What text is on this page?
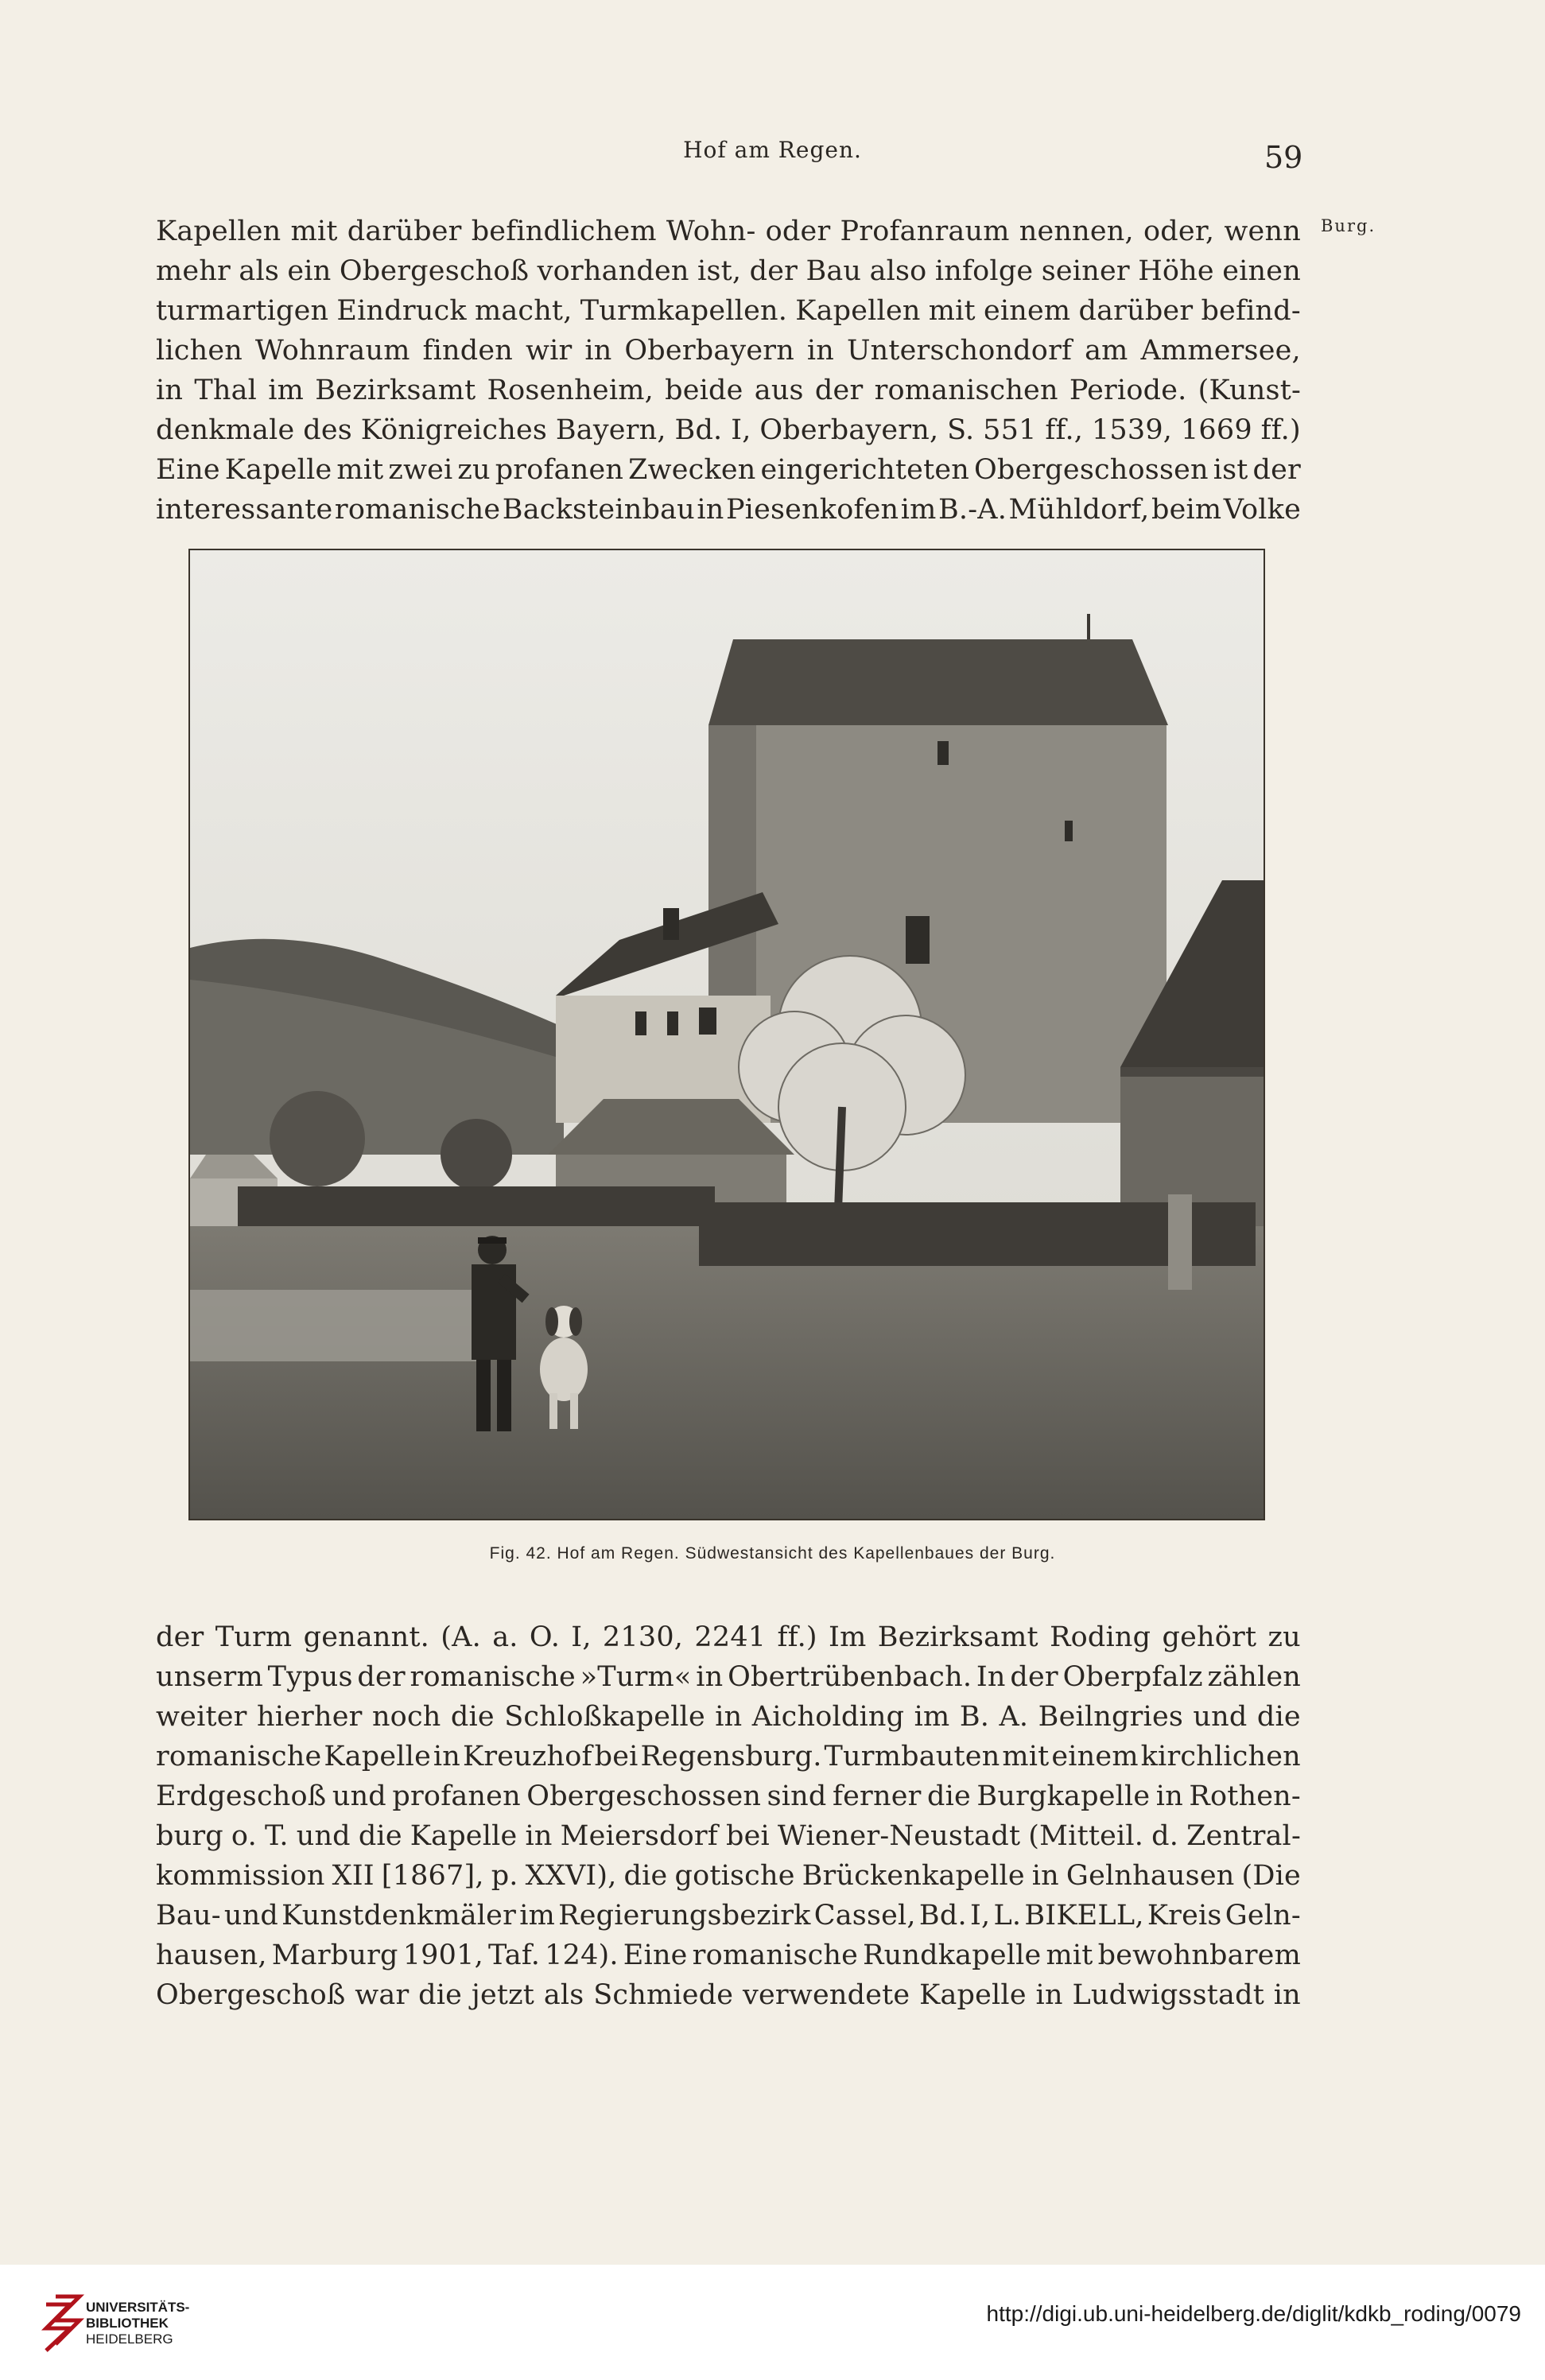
Hof am Regen.	59
Burg.
Kapellen mit darüber befindlichem Wohn- oder Profanraum nennen, oder, wenn
mehr als ein Obergeschoß vorhanden ist, der Bau also infolge seiner Höhe einen
turmartigen Eindruck macht, Turmkapellen. Kapellen mit einem darüber befind-
lichen Wohnraum finden wir in Oberbayern in Unterschondorf am Ammersee,
in Thal im Bezirksamt Rosenheim, beide aus der romanischen Periode. (Kunst-
denkmale des Königreiches Bayern, Bd. I, Oberbayern, S. 551 ff., 1539, 1669 ff.)
Eine Kapelle mit zwei zu profanen Zwecken eingerichteten Obergeschossen ist der
interessante romanische Backsteinbau in Piesenkofen im B.-A. Mühldorf, beim Volke
Fig. 42. Hof am Regen. Südwestansicht des Kapellenbaues der Burg.
der Turm genannt. (A. a. O. I, 2130, 2241 ff.) Im Bezirksamt Roding gehört zu
unserm Typus der romanische »Turm« in Obertrübenbach. In der Oberpfalz zählen
weiter hierher noch die Schloßkapelle in Aicholding im B. A. Beilngries und die
romanische Kapelle in Kreuzhof bei Regensburg. Turmbauten mit einem kirchlichen
Erdgeschoß und profanen Obergeschossen sind ferner die Burgkapelle in Rothen-
burg o. T. und die Kapelle in Meiersdorf bei Wiener-Neustadt (Mitteil. d. Zentral-
kommission XII [1867], p. XXVI), die gotische Brückenkapelle in Gelnhausen (Die
Bau- und Kunstdenkmäler im Regierungsbezirk Cassel, Bd. I, L. BIKELL, Kreis Geln-
hausen, Marburg 1901, Taf. 124). Eine romanische Rundkapelle mit bewohnbarem
Obergeschoß war die jetzt als Schmiede verwendete Kapelle in Ludwigsstadt in
UNIVERSITÄTS-
BIBLIOTHEK
HEIDELBERG
http://digi.ub.uni-heidelberg.de/diglit/kdkb_roding/0079
